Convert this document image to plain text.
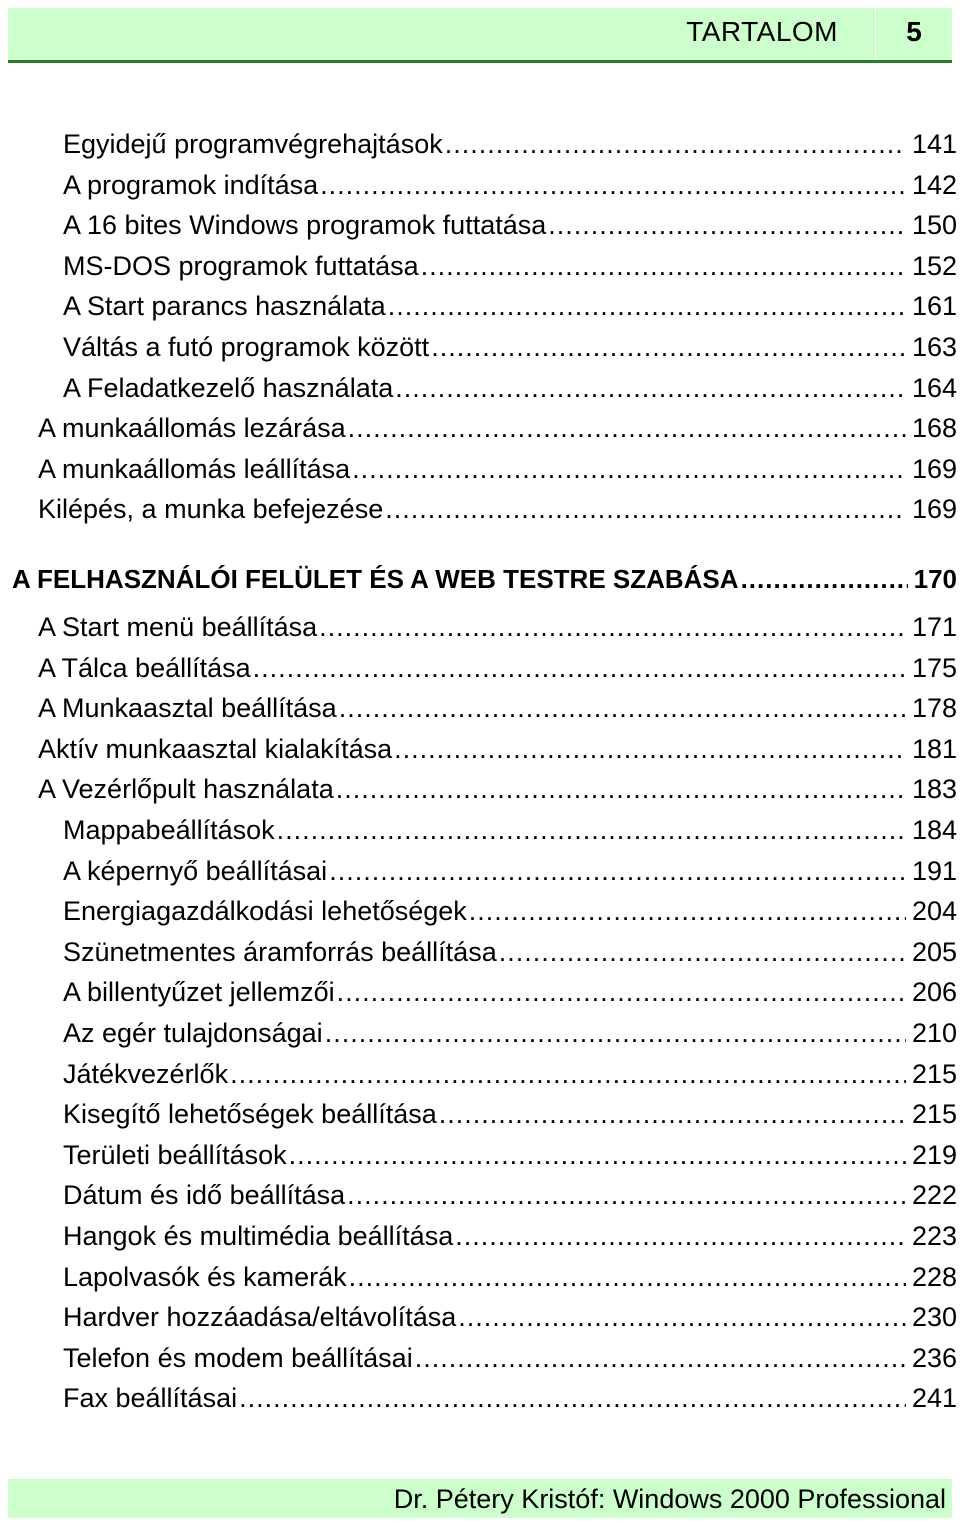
TARTALOM	5
Egyidejű programvégrehajtások .....	141
A programok indítása .....	142
A 16 bites Windows programok futtatása .....	150
MS-DOS programok futtatása .....	152
A Start parancs használata .....	161
Váltás a futó programok között .....	163
A Feladatkezelő használata .....	164
A munkaállomás lezárása .....	168
A munkaállomás leállítása .....	169
Kilépés, a munka befejezése .....	169
A FELHASZNÁLÓI FELÜLET ÉS A WEB TESTRE SZABÁSA .....	170
A Start menü beállítása .....	171
A Tálca beállítása .....	175
A Munkaasztal beállítása .....	178
Aktív munkaasztal kialakítása .....	181
A Vezérlőpult használata .....	183
Mappabeállítások .....	184
A képernyő beállításai .....	191
Energiagazdálkodási lehetőségek .....	204
Szünetmentes áramforrás beállítása .....	205
A billentyűzet jellemzői .....	206
Az egér tulajdonságai .....	210
Játékvezérlők .....	215
Kisegítő lehetőségek beállítása .....	215
Területi beállítások .....	219
Dátum és idő beállítása .....	222
Hangok és multimédia beállítása .....	223
Lapolvasók és kamerák .....	228
Hardver hozzáadása/eltávolítása .....	230
Telefon és modem beállításai .....	236
Fax beállításai .....	241
Dr. Pétery Kristóf: Windows 2000 Professional
